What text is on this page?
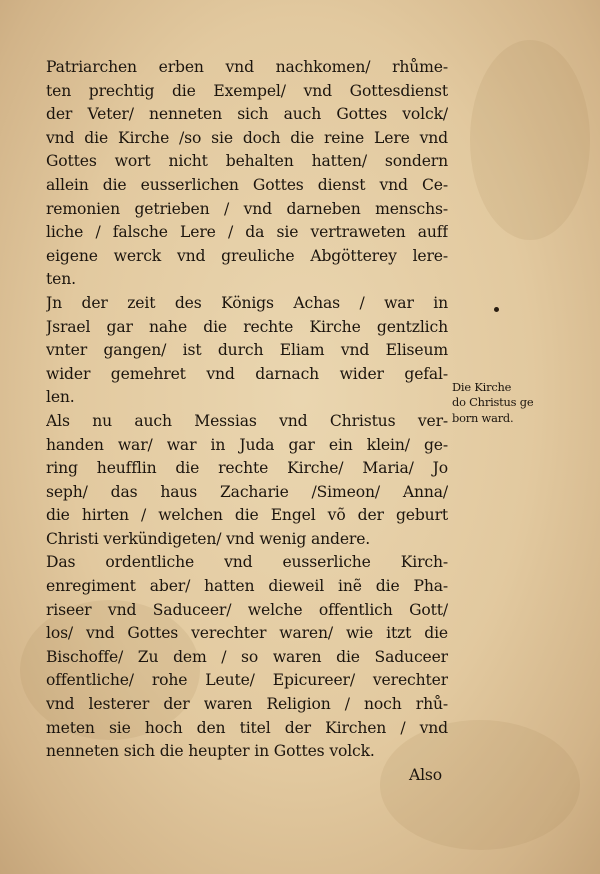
Patriarchen erben vnd nachkomen/ rhůme-
ten prechtig die Exempel/ vnd Gottesdienst
der Veter/ nenneten sich auch Gottes volck/
vnd die Kirche /so sie doch die reine Lere vnd
Gottes wort nicht behalten hatten/ sondern
allein die eusserlichen Gottes dienst vnd Ce-
remonien getrieben / vnd darneben menschs-
liche / falsche Lere / da sie vertraweten auff
eigene werck vnd greuliche Abgötterey lere-
ten.
Jn der zeit des Königs Achas / war in
Jsrael gar nahe die rechte Kirche gentzlich
vnter gangen/ ist durch Eliam vnd Eliseum
wider gemehret vnd darnach wider gefal-
len.
Als nu auch Messias vnd Christus ver-
handen war/ war in Juda gar ein klein/ ge-
ring heufflin die rechte Kirche/ Maria/ Jo
seph/ das haus Zacharie /Simeon/ Anna/
die hirten / welchen die Engel võ der geburt
Christi verkündigeten/ vnd wenig andere.
Das ordentliche vnd eusserliche Kirch-
enregiment aber/ hatten dieweil inẽ die Pha-
riseer vnd Saduceer/ welche offentlich Gott/
los/ vnd Gottes verechter waren/ wie itzt die
Bischoffe/ Zu dem / so waren die Saduceer
offentliche/ rohe Leute/ Epicureer/ verechter
vnd lesterer der waren Religion / noch rhů-
meten sie hoch den titel der Kirchen / vnd
nenneten sich die heupter in Gottes volck.
Also
Die Kirche
do Christus ge
born ward.
